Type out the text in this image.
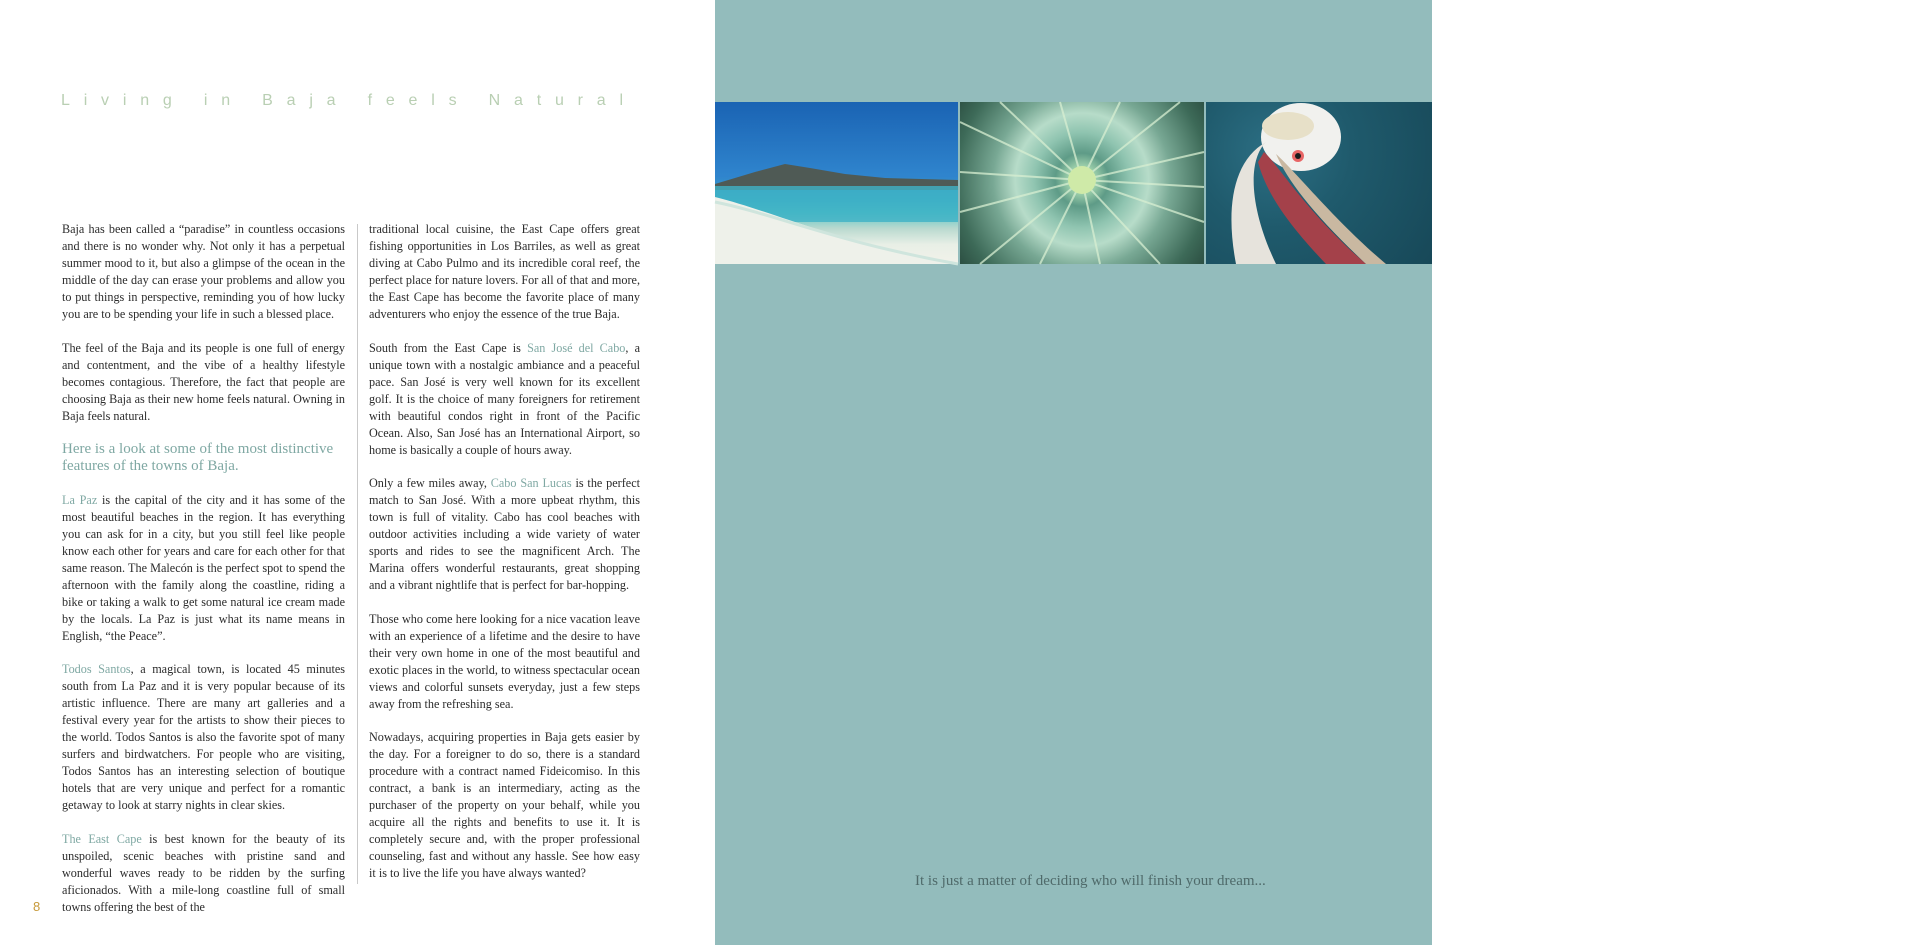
Living in Baja feels Natural

Baja has been called a “paradise” in countless occasions and there is no wonder why. Not only it has a perpetual summer mood to it, but also a glimpse of the ocean in the middle of the day can erase your problems and allow you to put things in perspective, reminding you of how lucky you are to be spending your life in such a blessed place.

The feel of the Baja and its people is one full of energy and contentment, and the vibe of a healthy lifestyle becomes contagious. Therefore, the fact that people are choosing Baja as their new home feels natural. Owning in Baja feels natural.

Here is a look at some of the most distinctive features of the towns of Baja.

La Paz is the capital of the city and it has some of the most beautiful beaches in the region. It has everything you can ask for in a city, but you still feel like people know each other for years and care for each other for that same reason. The Malecón is the perfect spot to spend the afternoon with the family along the coastline, riding a bike or taking a walk to get some natural ice cream made by the locals. La Paz is just what its name means in English, “the Peace”.

Todos Santos, a magical town, is located 45 minutes south from La Paz and it is very popular because of its artistic influence. There are many art galleries and a festival every year for the artists to show their pieces to the world. Todos Santos is also the favorite spot of many surfers and birdwatchers. For people who are visiting, Todos Santos has an interesting selection of boutique hotels that are very unique and perfect for a romantic getaway to look at starry nights in clear skies.

The East Cape is best known for the beauty of its unspoiled, scenic beaches with pristine sand and wonderful waves ready to be ridden by the surfing aficionados. With a mile-long coastline full of small towns offering the best of the

traditional local cuisine, the East Cape offers great fishing opportunities in Los Barriles, as well as great diving at Cabo Pulmo and its incredible coral reef, the perfect place for nature lovers. For all of that and more, the East Cape has become the favorite place of many adventurers who enjoy the essence of the true Baja.

South from the East Cape is San José del Cabo, a unique town with a nostalgic ambiance and a peaceful pace. San José is very well known for its excellent golf. It is the choice of many foreigners for retirement with beautiful condos right in front of the Pacific Ocean. Also, San José has an International Airport, so home is basically a couple of hours away.

Only a few miles away, Cabo San Lucas is the perfect match to San José. With a more upbeat rhythm, this town is full of vitality. Cabo has cool beaches with outdoor activities including a wide variety of water sports and rides to see the magnificent Arch. The Marina offers wonderful restaurants, great shopping and a vibrant nightlife that is perfect for bar-hopping.

Those who come here looking for a nice vacation leave with an experience of a lifetime and the desire to have their very own home in one of the most beautiful and exotic places in the world, to witness spectacular ocean views and colorful sunsets everyday, just a few steps away from the refreshing sea.

Nowadays, acquiring properties in Baja gets easier by the day. For a foreigner to do so, there is a standard procedure with a contract named Fideicomiso. In this contract, a bank is an intermediary, acting as the purchaser of the property on your behalf, while you acquire all the rights and benefits to use it. It is completely secure and, with the proper professional counseling, fast and without any hassle. See how easy it is to live the life you have always wanted?

8

Located in a Peninsula, so far away from the mainland that it almost feels like a private island, Baja is completely isolated and it is a safe haven in Mexico. Local and State authorities, as well as the community work closely together to ensure the safety and well being of all of its people.

Baja has residential options for any kind of lifestyle. Whether you are looking for a calm house in the East Cape, a nice Mexican-style Bungalow in Todos Santos or a high-end home in Los Cabos, Baja has the perfect place for you.

In Baja, you can build the home you’ve always wanted with the help of professionals, so you don’t have to worry about anything. From escrow, title and home insurance, construction and decoration, to pool design, landscaping, green energy solutions, property management and maintenance, you may find any help you need within one phone call.

Ask for that big pool for your children to play and exercise; a cozy, spacious patio with colorful pottery, unique furniture and marvelous lighting to create the perfect atmosphere for gatherings with friends and good wine; a big hammock to read a great book overlooking the ocean; a garden full of flowers and cacti, where you can grow anything you want. Ask for it all.

Express what you wish for and dare to make your dream come true. Finish what your heart has been longing for.

It is just a matter of deciding who will finish your dream...
